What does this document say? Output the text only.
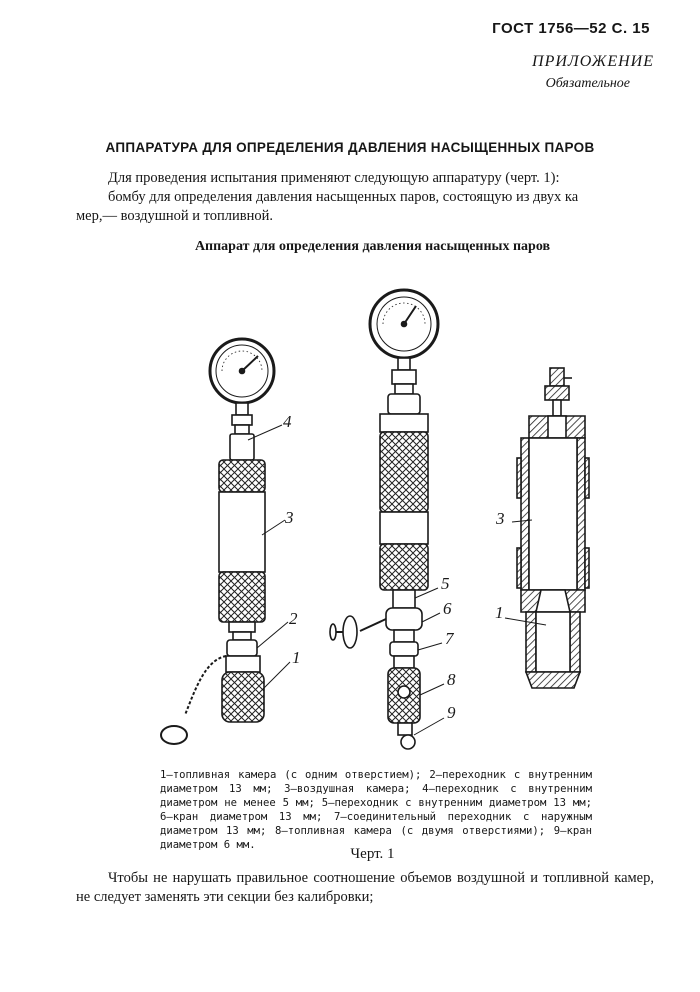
ГОСТ 1756—52 С. 15
ПРИЛОЖЕНИЕ
Обязательное
АППАРАТУРА ДЛЯ ОПРЕДЕЛЕНИЯ ДАВЛЕНИЯ НАСЫЩЕННЫХ ПАРОВ
Для проведения испытания применяют следующую аппаратуру (черт. 1):
бомбу для определения давления насыщенных паров, состоящую из двух ка
мер,— воздушной и топливной.
Аппарат для определения давления насыщенных паров
1
2
3
4
5
6
7
8
9
3
1
1—топливная камера (с одним отверстием); 2—переходник с внутренним диаметром 13 мм; 3—воздушная камера; 4—переходник с внутренним диаметром не менее 5 мм; 5—переходник с внутренним диаметром 13 мм; 6—кран диаметром 13 мм; 7—соединительный переходник с наружным диаметром 13 мм; 8—топливная камера (с двумя отверстиями); 9—кран диаметром 6 мм.
Черт. 1
Чтобы не нарушать правильное соотношение объемов воздушной и топливной камер, не следует заменять эти секции без калибровки;
